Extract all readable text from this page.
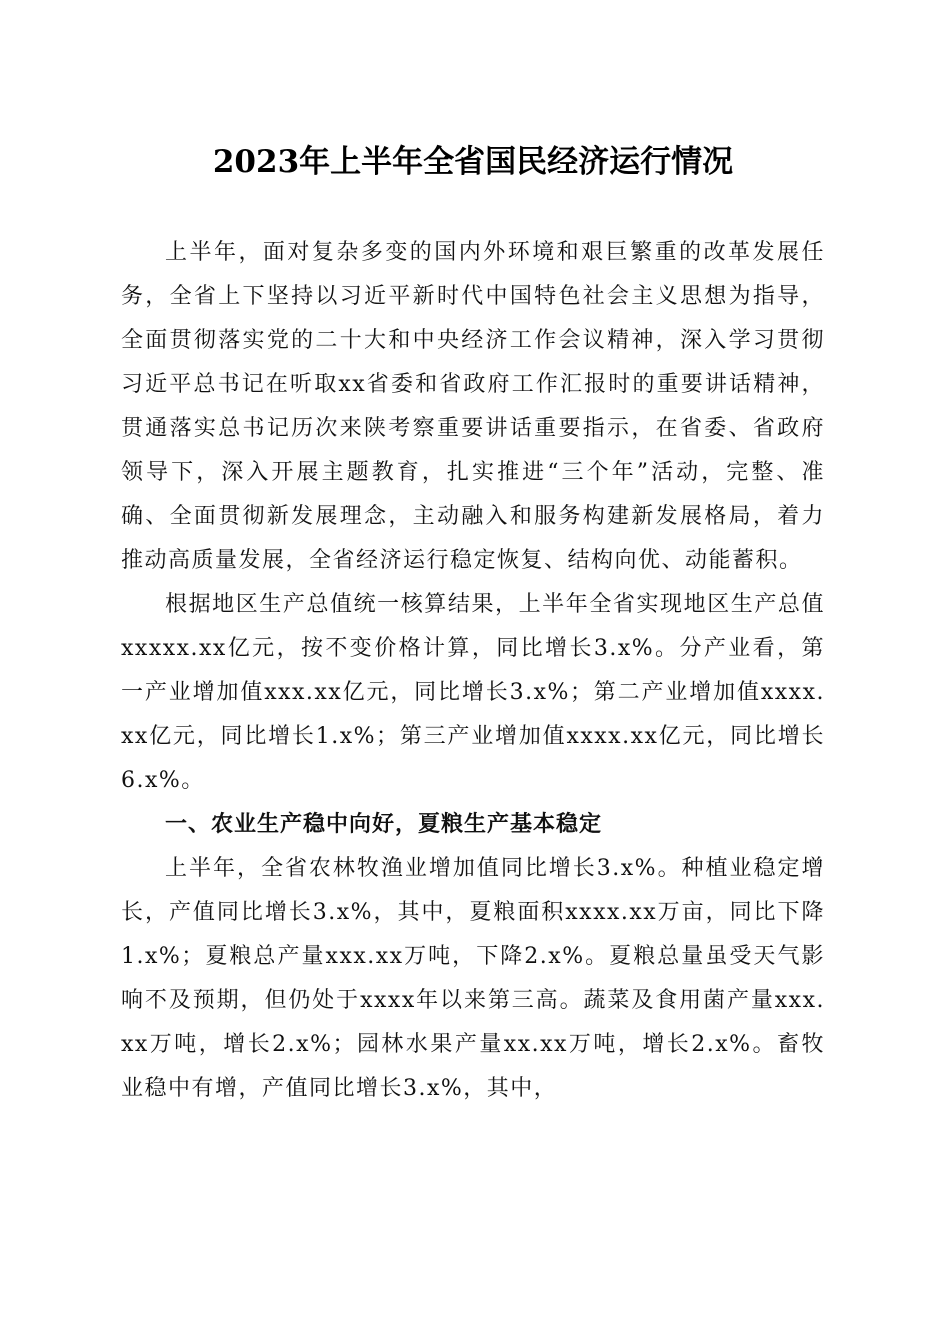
2023年上半年全省国民经济运行情况

上半年，面对复杂多变的国内外环境和艰巨繁重的改革发展任务，全省上下坚持以习近平新时代中国特色社会主义思想为指导，全面贯彻落实党的二十大和中央经济工作会议精神，深入学习贯彻习近平总书记在听取xx省委和省政府工作汇报时的重要讲话精神，贯通落实总书记历次来陕考察重要讲话重要指示，在省委、省政府领导下，深入开展主题教育，扎实推进“三个年”活动，完整、准确、全面贯彻新发展理念，主动融入和服务构建新发展格局，着力推动高质量发展，全省经济运行稳定恢复、结构向优、动能蓄积。

根据地区生产总值统一核算结果，上半年全省实现地区生产总值xxxxx.xx亿元，按不变价格计算，同比增长3.x%。分产业看，第一产业增加值xxx.xx亿元，同比增长3.x%；第二产业增加值xxxx.xx亿元，同比增长1.x%；第三产业增加值xxxx.xx亿元，同比增长6.x%。

一、农业生产稳中向好，夏粮生产基本稳定

上半年，全省农林牧渔业增加值同比增长3.x%。种植业稳定增长，产值同比增长3.x%，其中，夏粮面积xxxx.xx万亩，同比下降1.x%；夏粮总产量xxx.xx万吨，下降2.x%。夏粮总量虽受天气影响不及预期，但仍处于xxxx年以来第三高。蔬菜及食用菌产量xxx.xx万吨，增长2.x%；园林水果产量xx.xx万吨，增长2.x%。畜牧业稳中有增，产值同比增长3.x%，其中，
